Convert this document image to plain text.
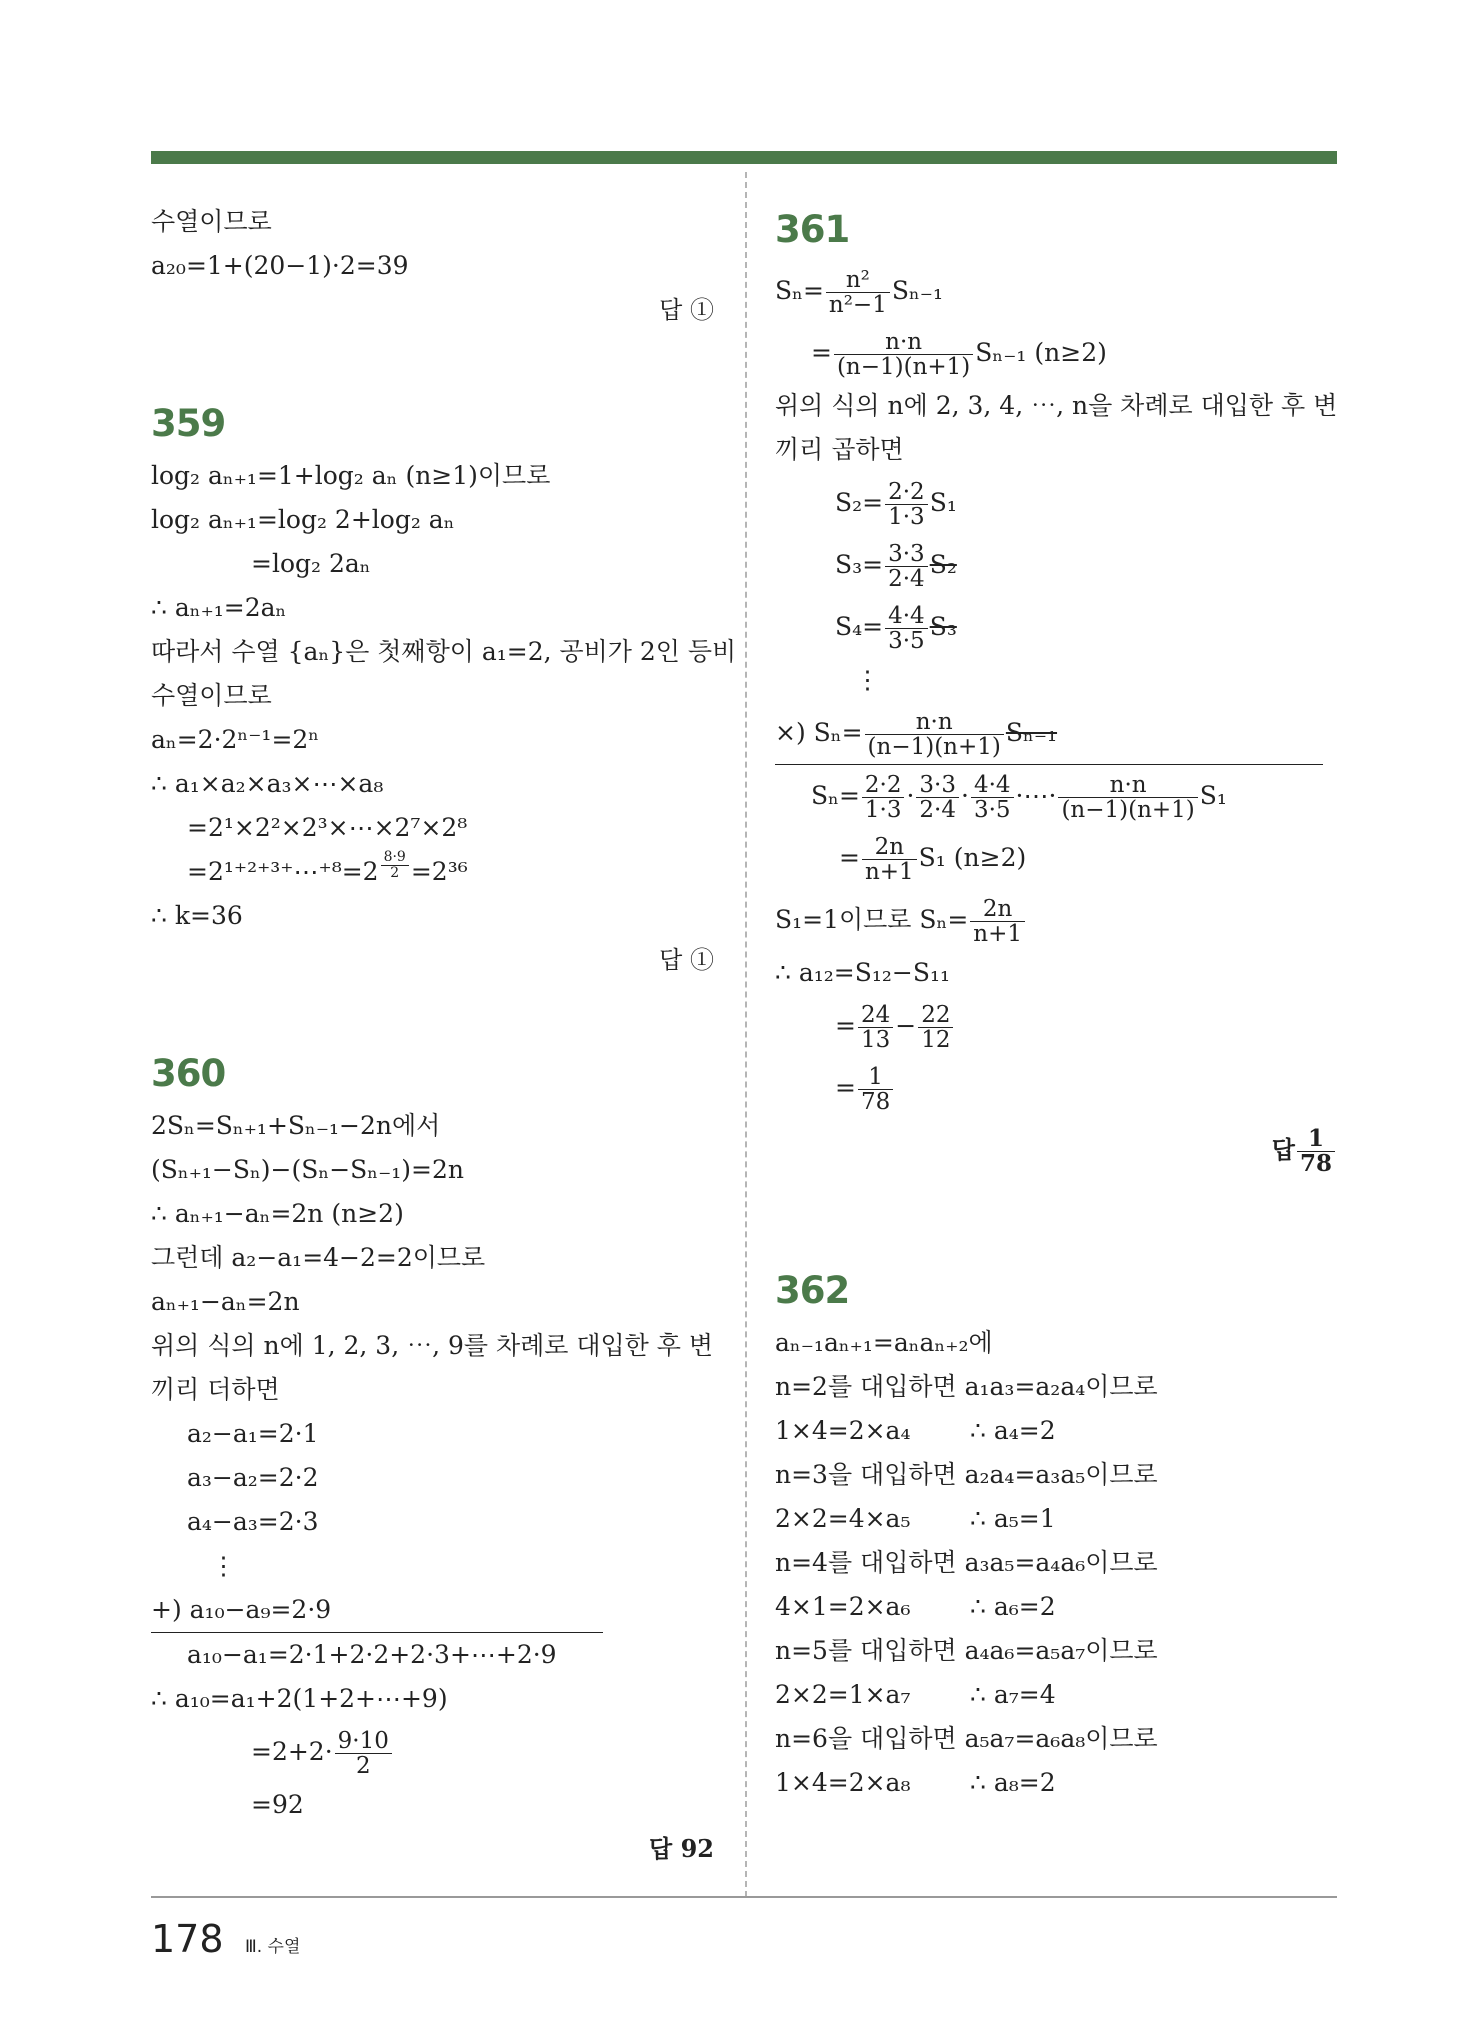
수열이므로
a₂₀=1+(20−1)·2=39
답 ①
359
log₂ aₙ₊₁=1+log₂ aₙ (n≥1)이므로
log₂ aₙ₊₁=log₂ 2+log₂ aₙ
=log₂ 2aₙ
∴ aₙ₊₁=2aₙ
따라서 수열 {aₙ}은 첫째항이 a₁=2, 공비가 2인 등비
수열이므로
aₙ=2·2ⁿ⁻¹=2ⁿ
∴ a₁×a₂×a₃×⋯×a₈
=2¹×2²×2³×⋯×2⁷×2⁸
=2¹⁺²⁺³⁺⋯⁺⁸=2 $\frac{8\cdot 9}{2} =2^{36}$
∴ k=36
답 ①
360
2Sₙ=Sₙ₊₁+Sₙ₋₁−2n에서
(Sₙ₊₁−Sₙ)−(Sₙ−Sₙ₋₁)=2n
∴ aₙ₊₁−aₙ=2n (n≥2)
그런데 a₂−a₁=4−2=2이므로
aₙ₊₁−aₙ=2n
위의 식의 n에 1, 2, 3, ⋯, 9를 차례로 대입한 후 변
끼리 더하면
a₂−a₁=2·1
a₃−a₂=2·2
a₄−a₃=2·3
⋮
+) a₁₀−a₉=2·9
a₁₀−a₁=2·1+2·2+2·3+⋯+2·9
∴ a₁₀=a₁+2(1+2+⋯+9)
$=2+2\cdot \frac{9\cdot 10}{2}$
=92
답 92
361
$S_n= \frac{\text{n²}}{\text{n²−1}} S_{n-1}$
= $\frac{n\cdot n}{(n-1)(n+1)} S_{n-1}$ (n≥2)
위의 식의 n에 2, 3, 4, ⋯, n을 차례로 대입한 후 변
끼리 곱하면
$S_2= \frac{2\cdot 2}{1\cdot 3} S_1$
$S_3= \frac{3\cdot 3}{2\cdot 4} S_2$
$S_4= \frac{4\cdot 4}{3\cdot 5} S_3$
⋮
×) $S_n= \frac{n\cdot n}{(n-1)(n+1)} S_{n-1}$
$S_n= \frac{2\cdot 2}{1\cdot 3} \cdot \frac{3\cdot 3}{2\cdot 4} \cdot \frac{4\cdot 4}{3\cdot 5}$ ·⋯· $\frac{n\cdot n}{(n-1)(n+1)} S_1$
= $\frac{2n}{n+1} S_1$ (n≥2)
S₁=1이므로 $S_n= \frac{2n}{n+1}$
∴ a₁₂=S₁₂−S₁₁
= $\frac{24}{13} - \frac{22}{12}$
= $\frac{1}{78}$
답 $\frac{1}{78}$
362
aₙ₋₁aₙ₊₁=aₙaₙ₊₂에
n=2를 대입하면 a₁a₃=a₂a₄이므로
1×4=2×a₄ ∴ a₄=2
n=3을 대입하면 a₂a₄=a₃a₅이므로
2×2=4×a₅ ∴ a₅=1
n=4를 대입하면 a₃a₅=a₄a₆이므로
4×1=2×a₆ ∴ a₆=2
n=5를 대입하면 a₄a₆=a₅a₇이므로
2×2=1×a₇ ∴ a₇=4
n=6을 대입하면 a₅a₇=a₆a₈이므로
1×4=2×a₈ ∴ a₈=2
178 Ⅲ. 수열
